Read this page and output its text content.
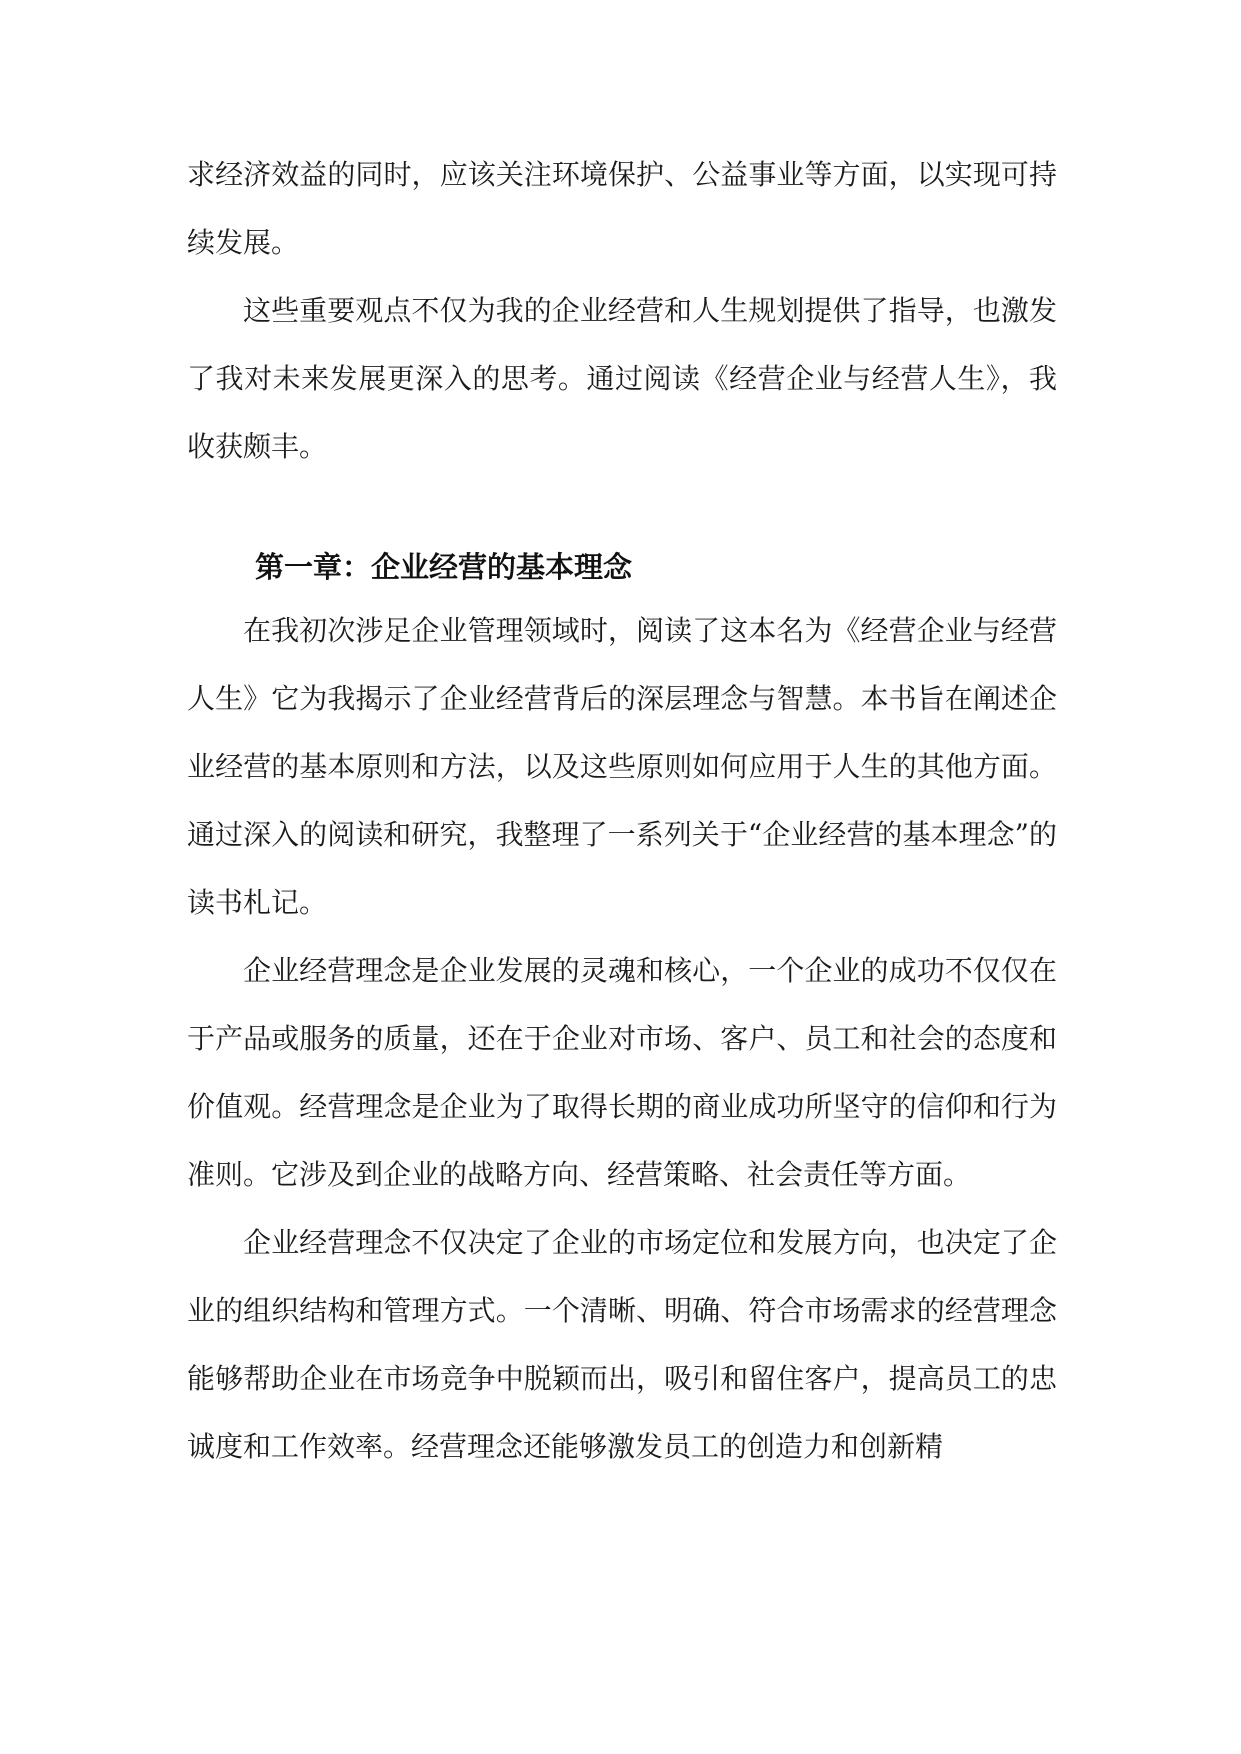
求经济效益的同时，应该关注环境保护、公益事业等方面，以实现可持续发展。

这些重要观点不仅为我的企业经营和人生规划提供了指导，也激发了我对未来发展更深入的思考。通过阅读《经营企业与经营人生》，我收获颇丰。

第一章：企业经营的基本理念

在我初次涉足企业管理领域时，阅读了这本名为《经营企业与经营人生》它为我揭示了企业经营背后的深层理念与智慧。本书旨在阐述企业经营的基本原则和方法，以及这些原则如何应用于人生的其他方面。通过深入的阅读和研究，我整理了一系列关于“企业经营的基本理念”的读书札记。

企业经营理念是企业发展的灵魂和核心，一个企业的成功不仅仅在于产品或服务的质量，还在于企业对市场、客户、员工和社会的态度和价值观。经营理念是企业为了取得长期的商业成功所坚守的信仰和行为准则。它涉及到企业的战略方向、经营策略、社会责任等方面。

企业经营理念不仅决定了企业的市场定位和发展方向，也决定了企业的组织结构和管理方式。一个清晰、明确、符合市场需求的经营理念能够帮助企业在市场竞争中脱颖而出，吸引和留住客户，提高员工的忠诚度和工作效率。经营理念还能够激发员工的创造力和创新精
